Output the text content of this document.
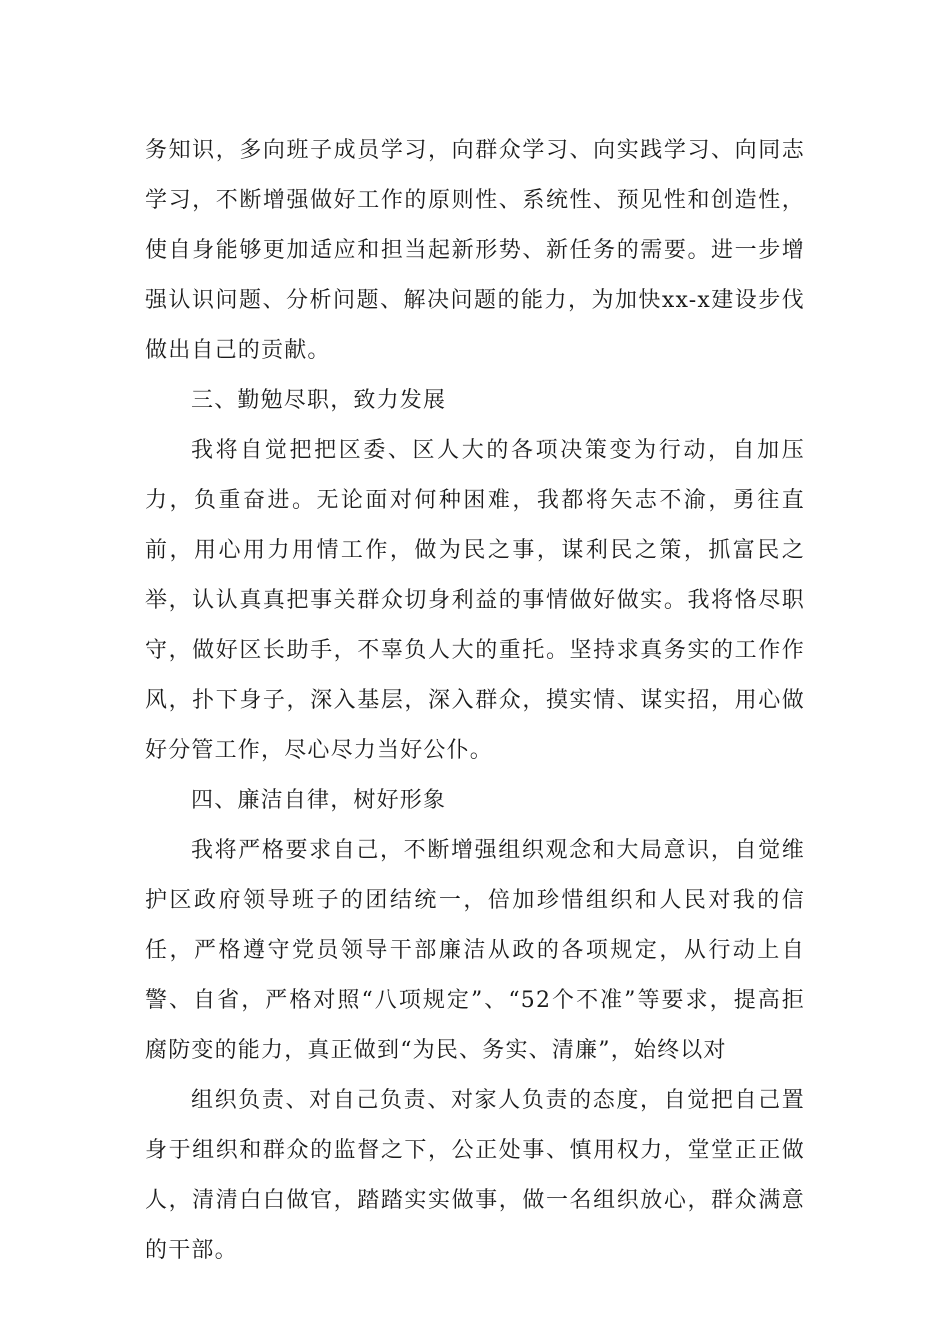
务知识，多向班子成员学习，向群众学习、向实践学习、向同志学习，不断增强做好工作的原则性、系统性、预见性和创造性，使自身能够更加适应和担当起新形势、新任务的需要。进一步增强认识问题、分析问题、解决问题的能力，为加快xx-x建设步伐做出自己的贡献。

三、勤勉尽职，致力发展

我将自觉把把区委、区人大的各项决策变为行动，自加压力，负重奋进。无论面对何种困难，我都将矢志不渝，勇往直前，用心用力用情工作，做为民之事，谋利民之策，抓富民之举，认认真真把事关群众切身利益的事情做好做实。我将恪尽职守，做好区长助手，不辜负人大的重托。坚持求真务实的工作作风，扑下身子，深入基层，深入群众，摸实情、谋实招，用心做好分管工作，尽心尽力当好公仆。

四、廉洁自律，树好形象

我将严格要求自己，不断增强组织观念和大局意识，自觉维护区政府领导班子的团结统一，倍加珍惜组织和人民对我的信任，严格遵守党员领导干部廉洁从政的各项规定，从行动上自警、自省，严格对照“八项规定”、“52个不准”等要求，提高拒腐防变的能力，真正做到“为民、务实、清廉”，始终以对

组织负责、对自己负责、对家人负责的态度，自觉把自己置身于组织和群众的监督之下，公正处事、慎用权力，堂堂正正做人，清清白白做官，踏踏实实做事，做一名组织放心，群众满意的干部。
